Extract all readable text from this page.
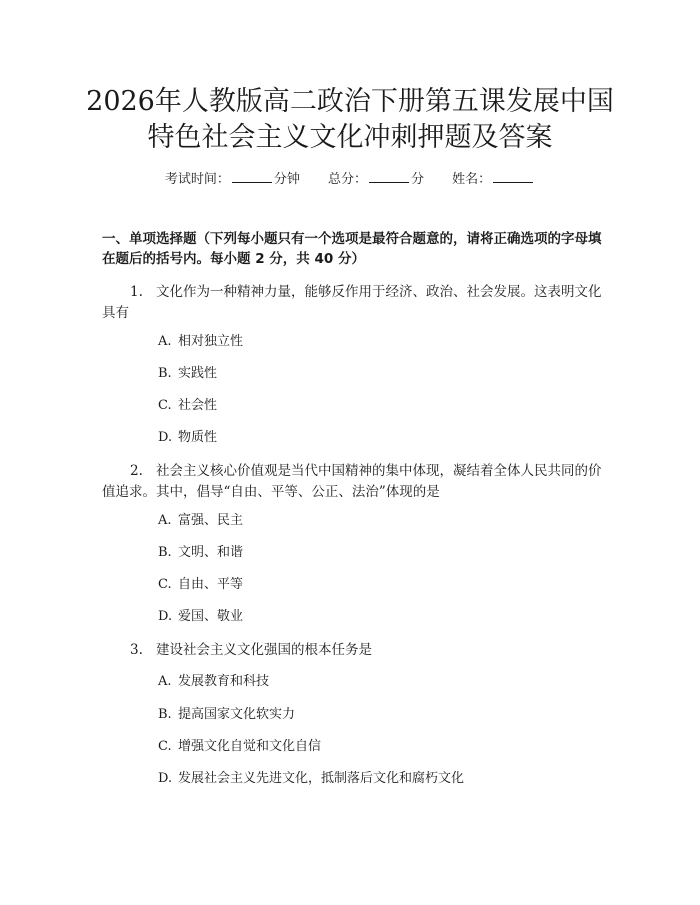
2026年人教版高二政治下册第五课发展中国
特色社会主义文化冲刺押题及答案
考试时间：	分钟 总分：	分 姓名：
一、单项选择题（下列每小题只有一个选项是最符合题意的，请将正确选项的字母填在题后的括号内。每小题 2 分，共 40 分）
1. 文化作为一种精神力量，能够反作用于经济、政治、社会发展。这表明文化具有
A. 相对独立性
B. 实践性
C. 社会性
D. 物质性
2. 社会主义核心价值观是当代中国精神的集中体现，凝结着全体人民共同的价值追求。其中，倡导“自由、平等、公正、法治”体现的是
A. 富强、民主
B. 文明、和谐
C. 自由、平等
D. 爱国、敬业
3. 建设社会主义文化强国的根本任务是
A. 发展教育和科技
B. 提高国家文化软实力
C. 增强文化自觉和文化自信
D. 发展社会主义先进文化，抵制落后文化和腐朽文化
